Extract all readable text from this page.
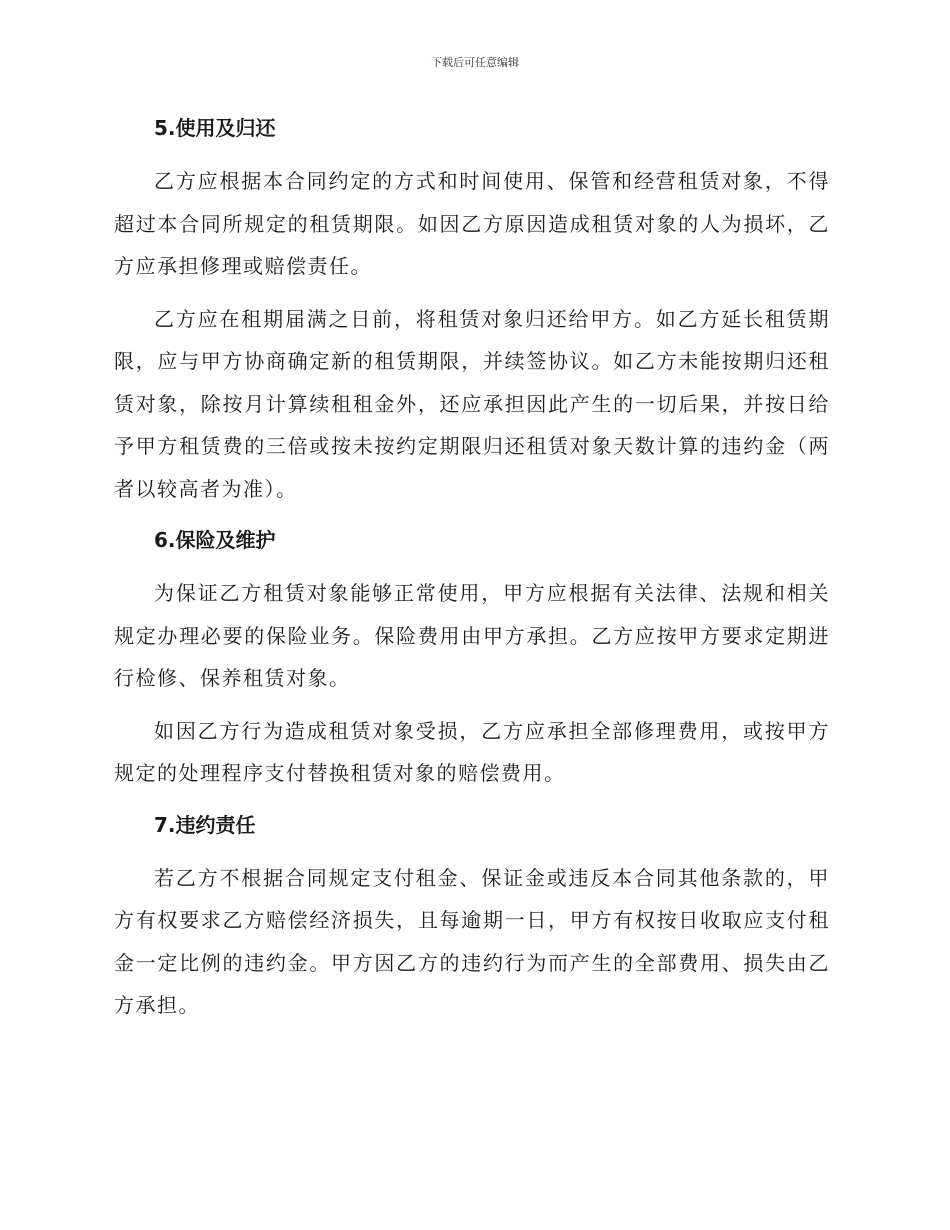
下载后可任意编辑
5.使用及归还

乙方应根据本合同约定的方式和时间使用、保管和经营租赁对象，不得超过本合同所规定的租赁期限。如因乙方原因造成租赁对象的人为损坏，乙方应承担修理或赔偿责任。

乙方应在租期届满之日前，将租赁对象归还给甲方。如乙方延长租赁期限，应与甲方协商确定新的租赁期限，并续签协议。如乙方未能按期归还租赁对象，除按月计算续租租金外，还应承担因此产生的一切后果，并按日给予甲方租赁费的三倍或按未按约定期限归还租赁对象天数计算的违约金（两者以较高者为准）。

6.保险及维护

为保证乙方租赁对象能够正常使用，甲方应根据有关法律、法规和相关规定办理必要的保险业务。保险费用由甲方承担。乙方应按甲方要求定期进行检修、保养租赁对象。

如因乙方行为造成租赁对象受损，乙方应承担全部修理费用，或按甲方规定的处理程序支付替换租赁对象的赔偿费用。

7.违约责任

若乙方不根据合同规定支付租金、保证金或违反本合同其他条款的，甲方有权要求乙方赔偿经济损失，且每逾期一日，甲方有权按日收取应支付租金一定比例的违约金。甲方因乙方的违约行为而产生的全部费用、损失由乙方承担。
